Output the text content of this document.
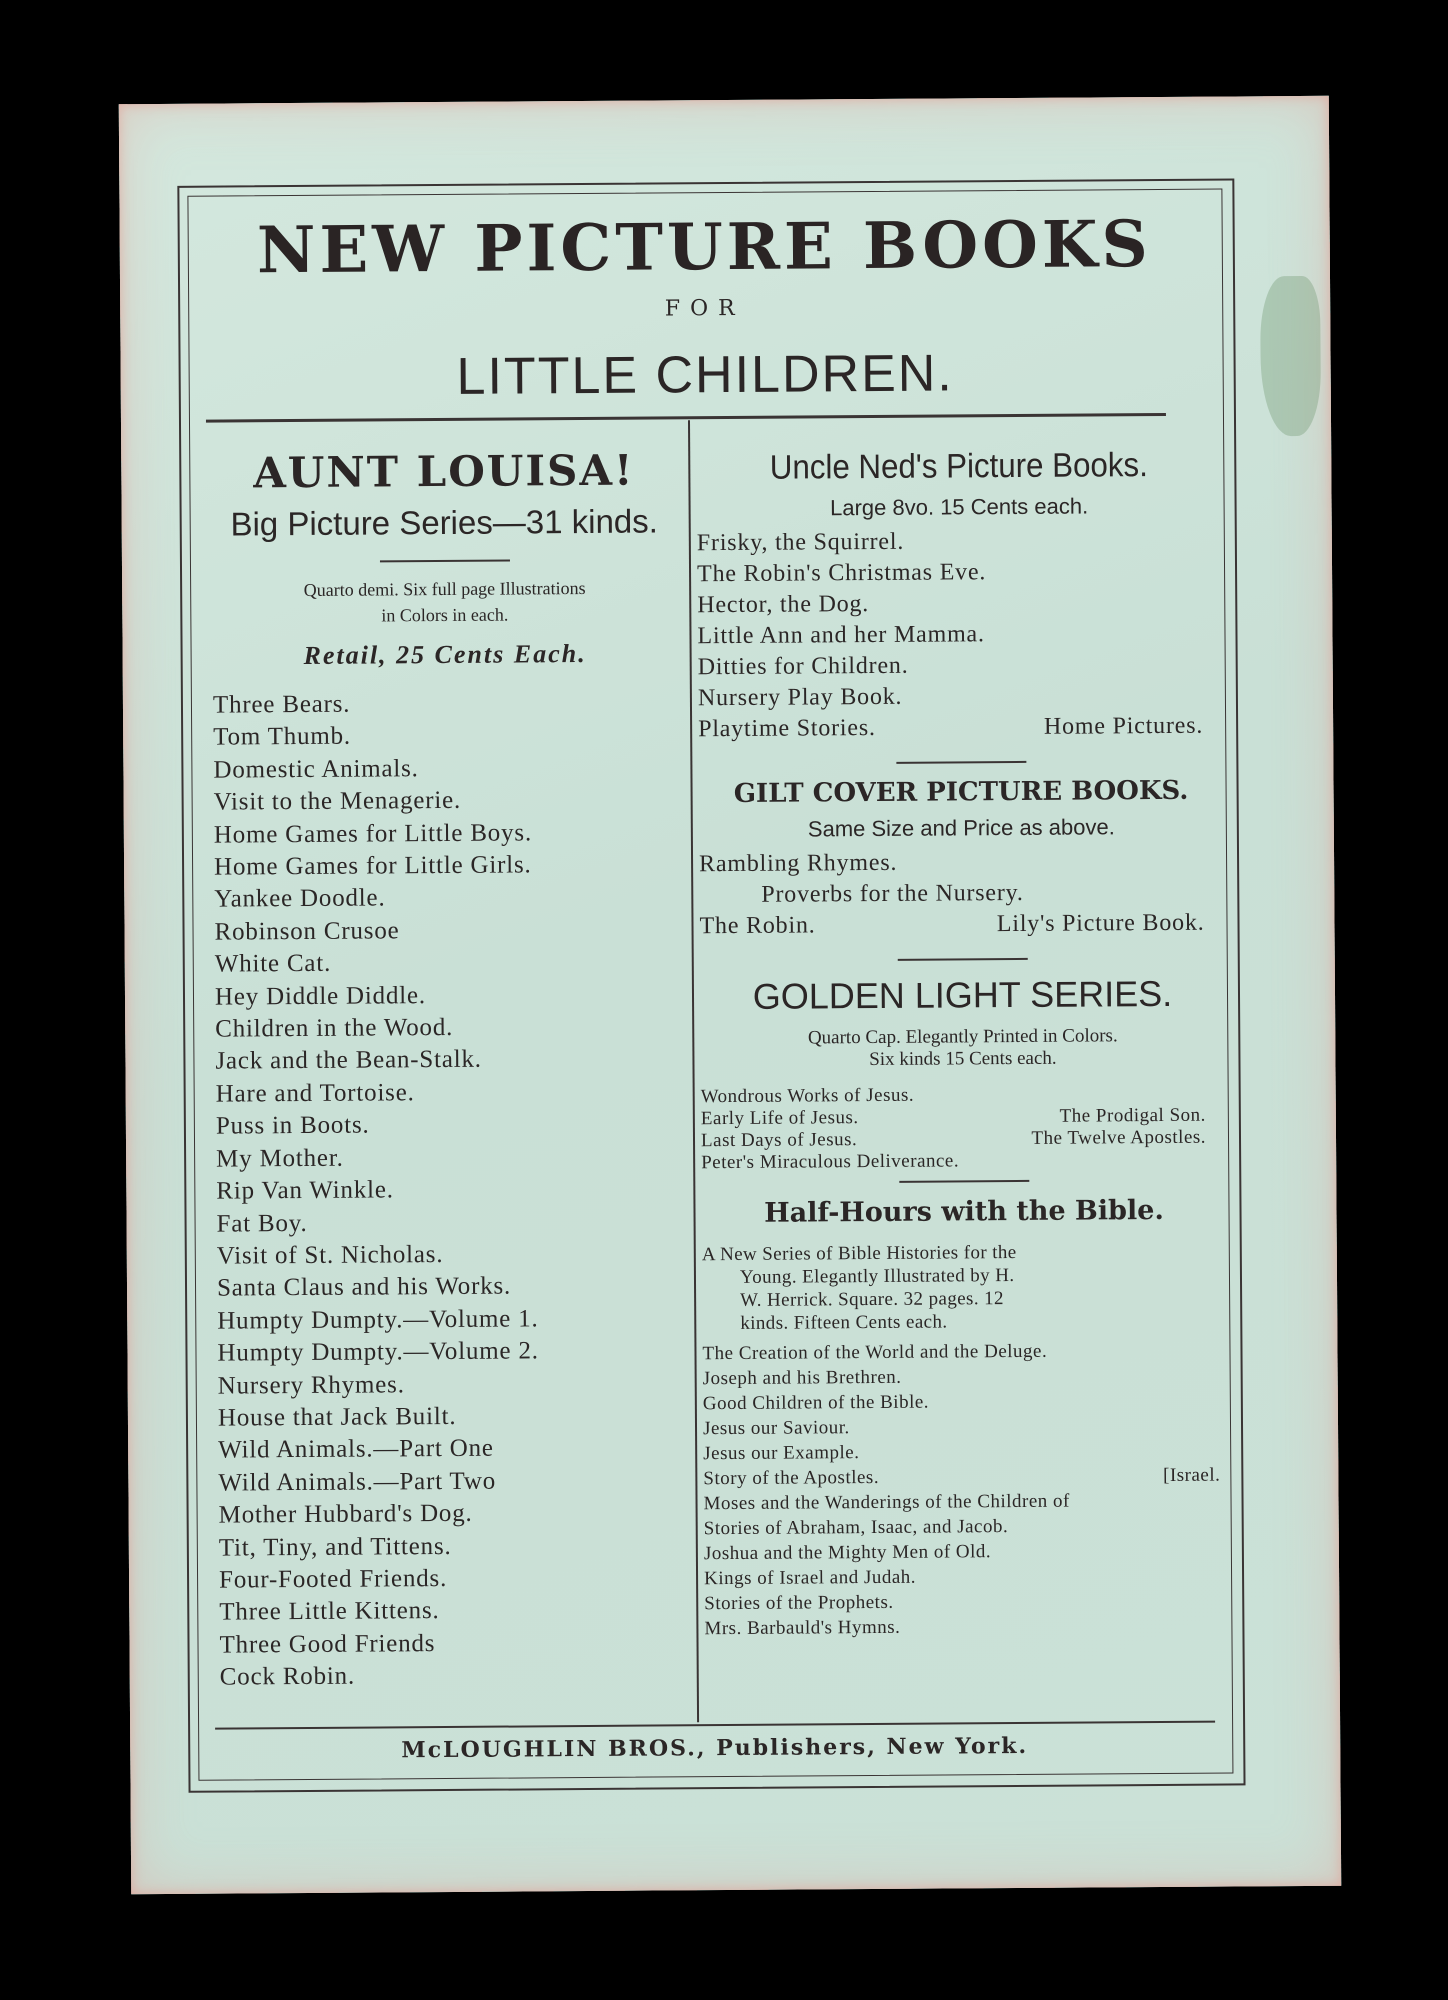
NEW PICTURE BOOKS
FOR
LITTLE CHILDREN.
AUNT LOUISA!
Big Picture Series—31 kinds.
Quarto demi. Six full page Illustrations
in Colors in each.
Retail, 25 Cents Each.
Three Bears.
Tom Thumb.
Domestic Animals.
Visit to the Menagerie.
Home Games for Little Boys.
Home Games for Little Girls.
Yankee Doodle.
Robinson Crusoe
White Cat.
Hey Diddle Diddle.
Children in the Wood.
Jack and the Bean-Stalk.
Hare and Tortoise.
Puss in Boots.
My Mother.
Rip Van Winkle.
Fat Boy.
Visit of St. Nicholas.
Santa Claus and his Works.
Humpty Dumpty.—Volume 1.
Humpty Dumpty.—Volume 2.
Nursery Rhymes.
House that Jack Built.
Wild Animals.—Part One
Wild Animals.—Part Two
Mother Hubbard's Dog.
Tit, Tiny, and Tittens.
Four-Footed Friends.
Three Little Kittens.
Three Good Friends
Cock Robin.
Uncle Ned's Picture Books.
Large 8vo. 15 Cents each.
Frisky, the Squirrel.
The Robin's Christmas Eve.
Hector, the Dog.
Little Ann and her Mamma.
Ditties for Children.
Nursery Play Book.
Playtime Stories.	Home Pictures.
GILT COVER PICTURE BOOKS.
Same Size and Price as above.
Rambling Rhymes.
Proverbs for the Nursery.
The Robin.	Lily's Picture Book.
GOLDEN LIGHT SERIES.
Quarto Cap. Elegantly Printed in Colors.
Six kinds 15 Cents each.
Wondrous Works of Jesus.
Early Life of Jesus.	The Prodigal Son.
Last Days of Jesus.	The Twelve Apostles.
Peter's Miraculous Deliverance.
Half-Hours with the Bible.
A New Series of Bible Histories for the
Young. Elegantly Illustrated by H.
W. Herrick. Square. 32 pages. 12
kinds. Fifteen Cents each.
The Creation of the World and the Deluge.
Joseph and his Brethren.
Good Children of the Bible.
Jesus our Saviour.
Jesus our Example.
Story of the Apostles.	[Israel.
Moses and the Wanderings of the Children of
Stories of Abraham, Isaac, and Jacob.
Joshua and the Mighty Men of Old.
Kings of Israel and Judah.
Stories of the Prophets.
Mrs. Barbauld's Hymns.
McLOUGHLIN BROS., Publishers, New York.
